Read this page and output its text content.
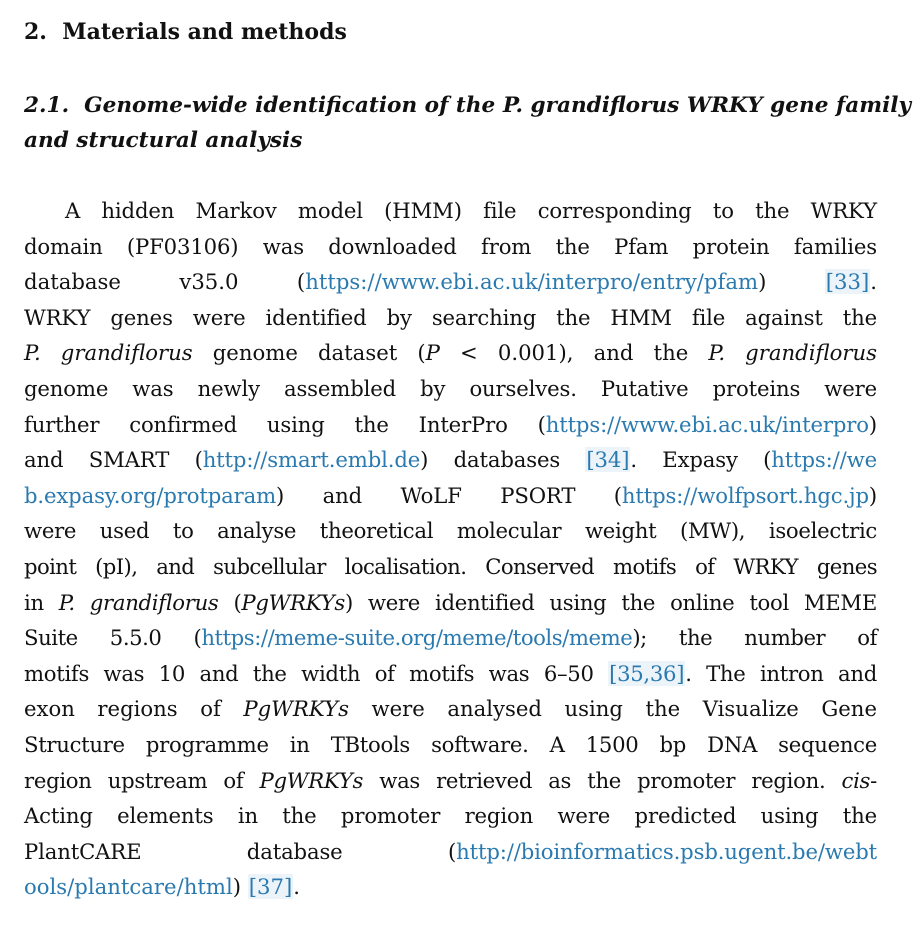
2. Materials and methods
2.1. Genome-wide identification of the P. grandiflorus WRKY gene family
and structural analysis
A hidden Markov model (HMM) file corresponding to the WRKY
domain (PF03106) was downloaded from the Pfam protein families
database v35.0 (https://www.ebi.ac.uk/interpro/entry/pfam) [33].
WRKY genes were identified by searching the HMM file against the
P. grandiflorus genome dataset (P < 0.001), and the P. grandiflorus
genome was newly assembled by ourselves. Putative proteins were
further confirmed using the InterPro (https://www.ebi.ac.uk/interpro)
and SMART (http://smart.embl.de) databases [34]. Expasy (https://we
b.expasy.org/protparam) and WoLF PSORT (https://wolfpsort.hgc.jp)
were used to analyse theoretical molecular weight (MW), isoelectric
point (pI), and subcellular localisation. Conserved motifs of WRKY genes
in P. grandiflorus (PgWRKYs) were identified using the online tool MEME
Suite 5.5.0 (https://meme-suite.org/meme/tools/meme); the number of
motifs was 10 and the width of motifs was 6–50 [35,36]. The intron and
exon regions of PgWRKYs were analysed using the Visualize Gene
Structure programme in TBtools software. A 1500 bp DNA sequence
region upstream of PgWRKYs was retrieved as the promoter region. cis-
Acting elements in the promoter region were predicted using the
PlantCARE database (http://bioinformatics.psb.ugent.be/webt
ools/plantcare/html) [37].
